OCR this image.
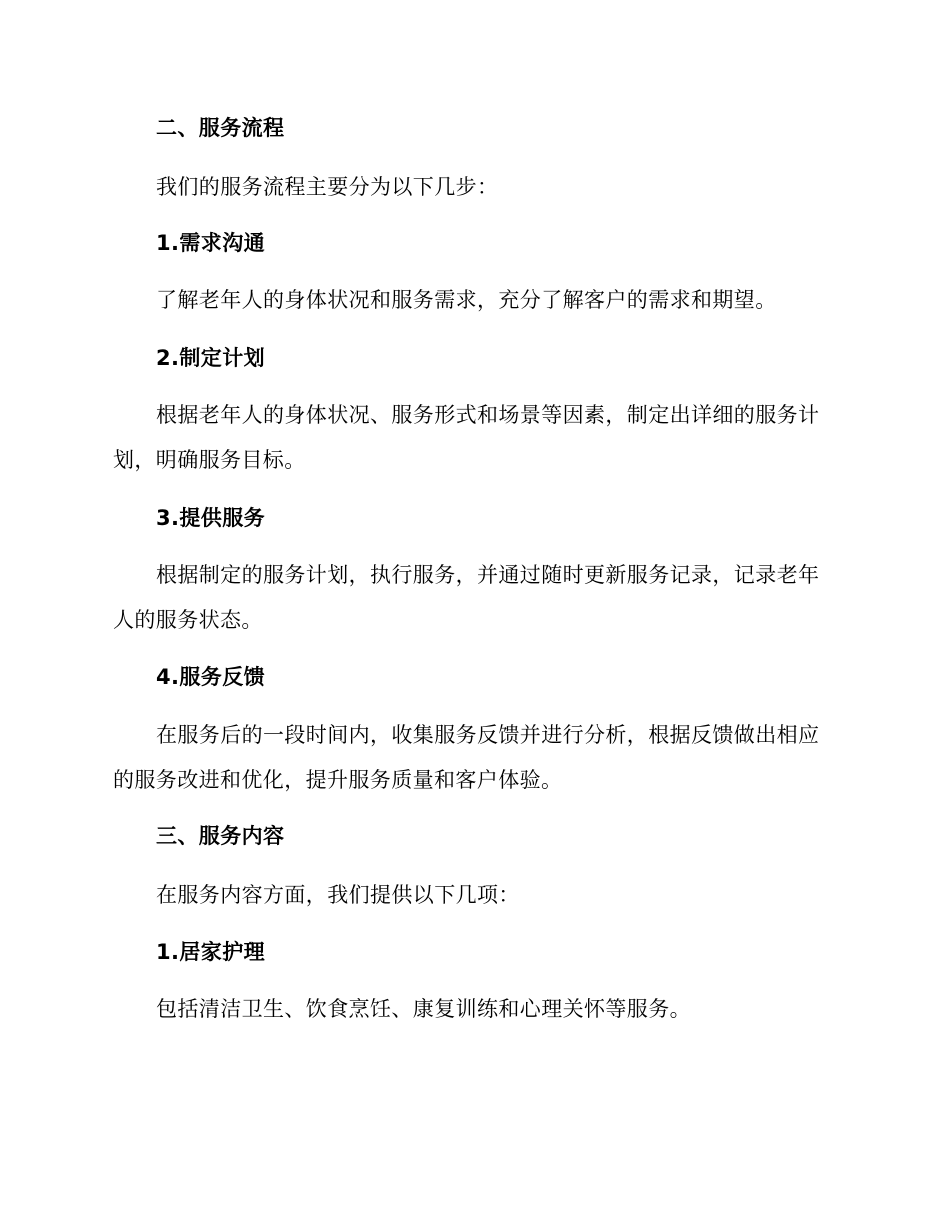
二、服务流程

我们的服务流程主要分为以下几步：

1.需求沟通

了解老年人的身体状况和服务需求，充分了解客户的需求和期望。

2.制定计划

根据老年人的身体状况、服务形式和场景等因素，制定出详细的服务计划，明确服务目标。

3.提供服务

根据制定的服务计划，执行服务，并通过随时更新服务记录，记录老年人的服务状态。

4.服务反馈

在服务后的一段时间内，收集服务反馈并进行分析，根据反馈做出相应的服务改进和优化，提升服务质量和客户体验。

三、服务内容

在服务内容方面，我们提供以下几项：

1.居家护理

包括清洁卫生、饮食烹饪、康复训练和心理关怀等服务。
